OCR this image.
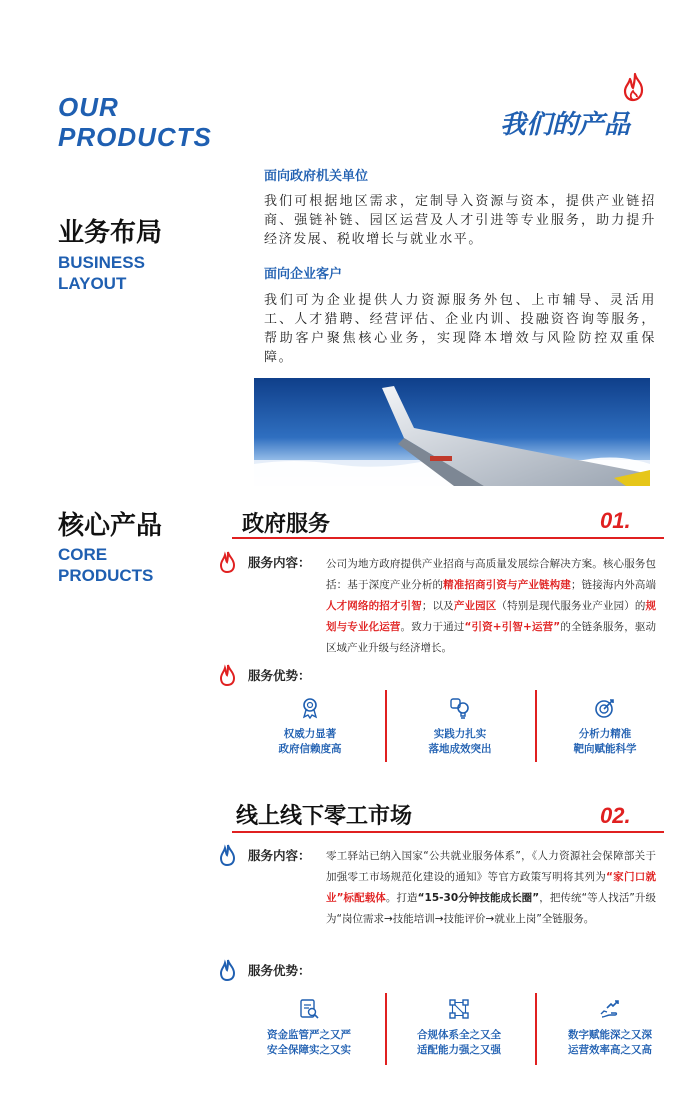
OUR
PRODUCTS	我们的产品
业务布局
BUSINESS
LAYOUT
面向政府机关单位
我们可根据地区需求，定制导入资源与资本，提供产业链招商、强链补链、园区运营及人才引进等专业服务，助力提升经济发展、税收增长与就业水平。
面向企业客户
我们可为企业提供人力资源服务外包、上市辅导、灵活用工、人才猎聘、经营评估、企业内训、投融资咨询等服务，帮助客户聚焦核心业务，实现降本增效与风险防控双重保障。
核心产品
CORE
PRODUCTS
政府服务	01.
服务内容： 公司为地方政府提供产业招商与高质量发展综合解决方案。核心服务包括：基于深度产业分析的精准招商引资与产业链构建；链接海内外高端人才网络的招才引智；以及产业园区（特别是现代服务业产业园）的规划与专业化运营。致力于通过“引资+引智+运营”的全链条服务，驱动区域产业升级与经济增长。
服务优势：
权威力显著
政府信赖度高
实践力扎实
落地成效突出
分析力精准
靶向赋能科学
线上线下零工市场	02.
服务内容： 零工驿站已纳入国家“公共就业服务体系”，《人力资源社会保障部关于加强零工市场规范化建设的通知》等官方政策写明将其列为“家门口就业”标配载体。打造“15-30分钟技能成长圈”，把传统“等人找活”升级为“岗位需求→技能培训→技能评价→就业上岗”全链服务。
服务优势：
资金监管严之又严
安全保障实之又实
合规体系全之又全
适配能力强之又强
数字赋能深之又深
运营效率高之又高
